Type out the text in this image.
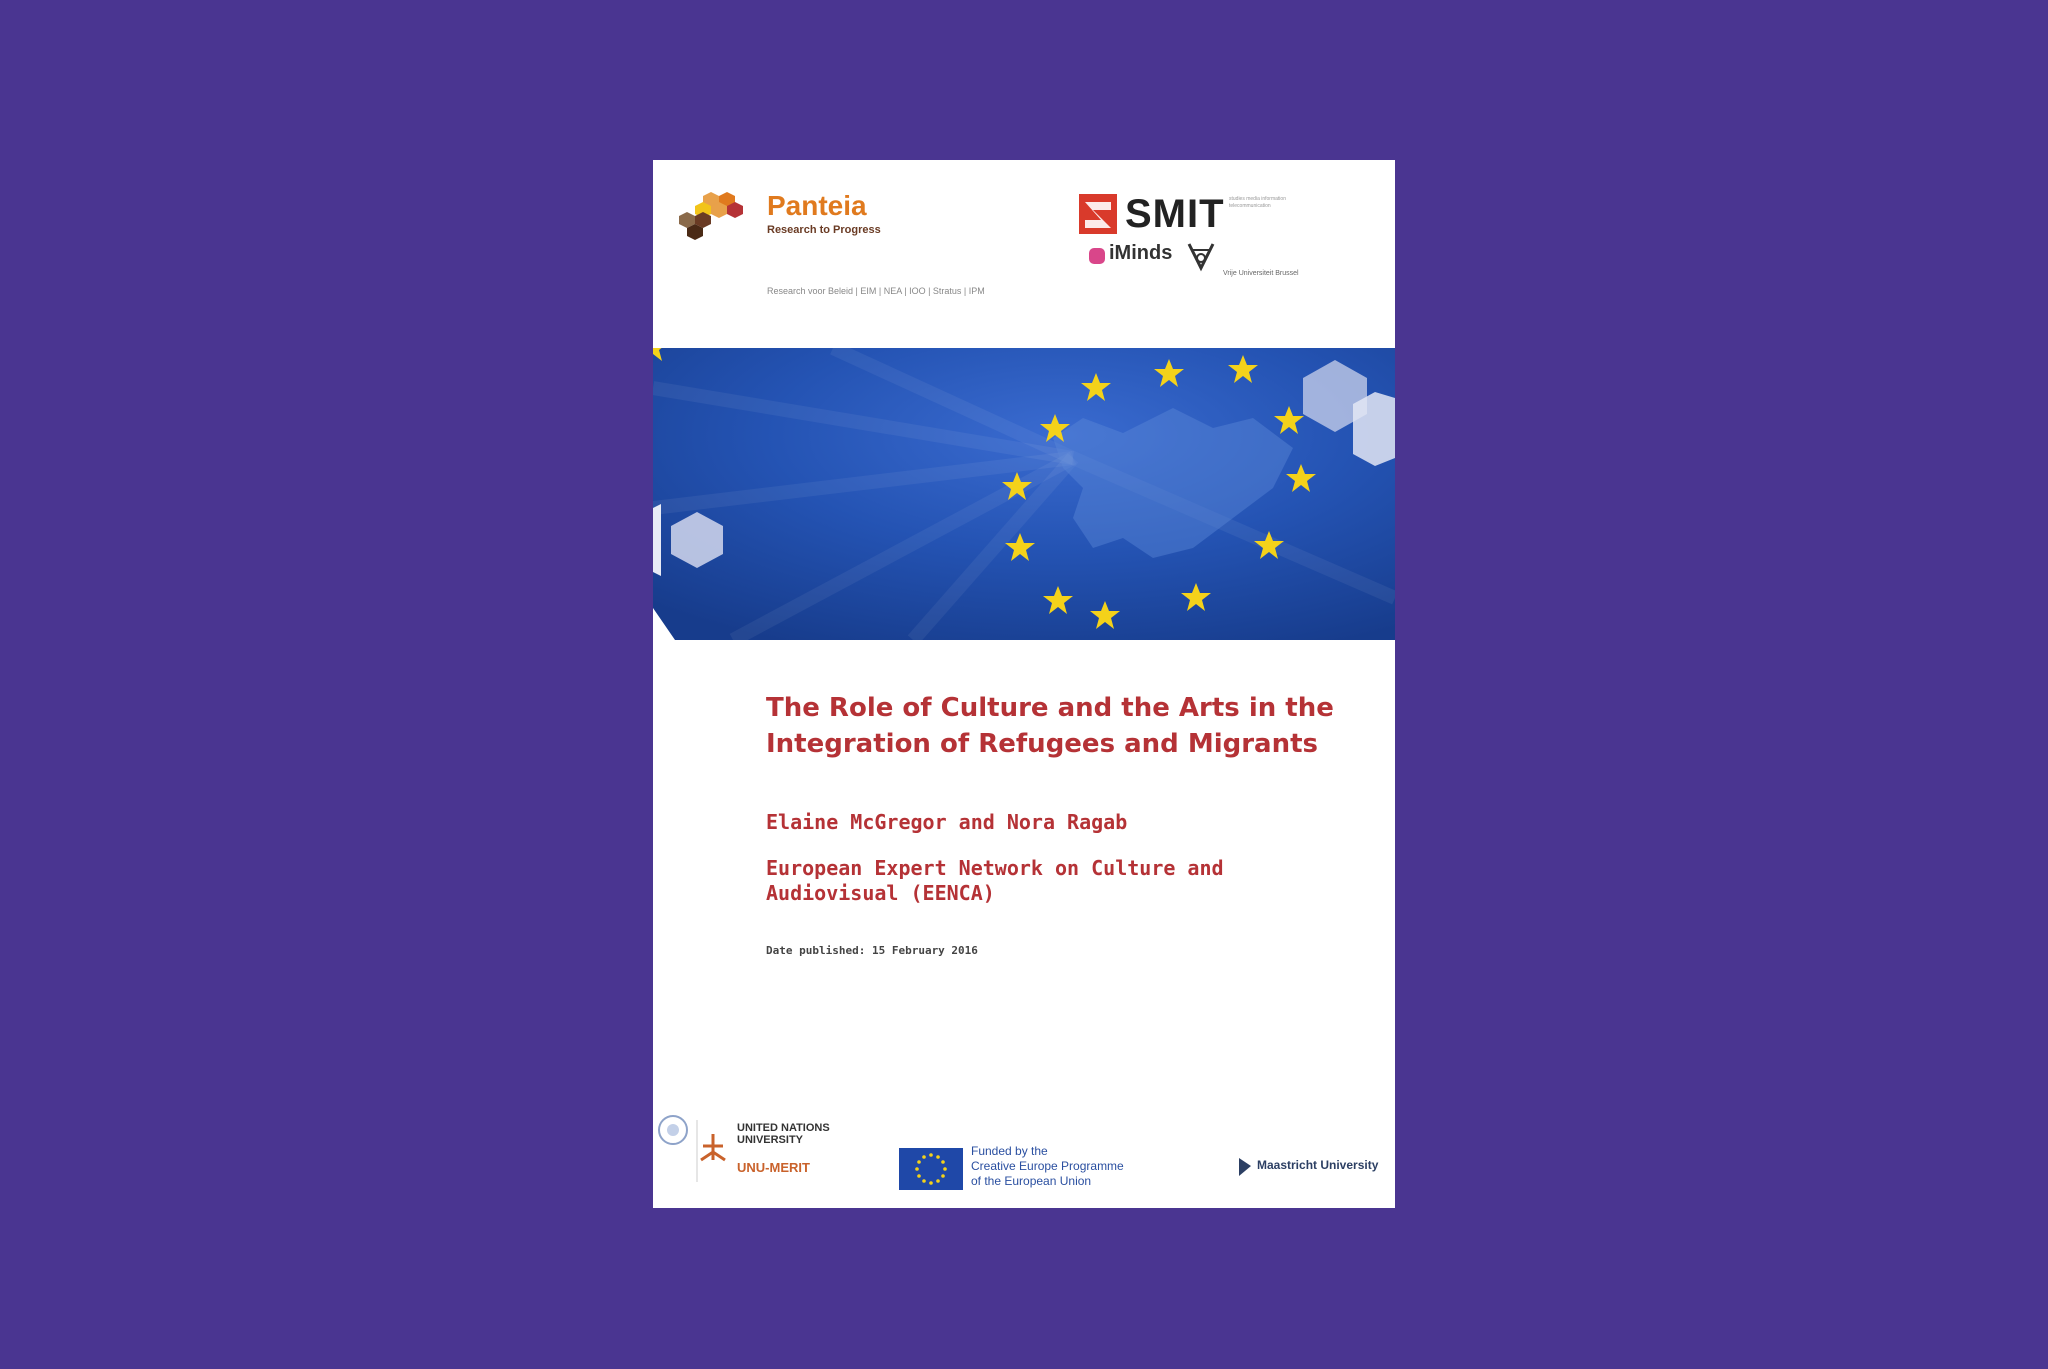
Panteia
Research to Progress
Research voor Beleid | EIM | NEA | IOO | Stratus | IPM
SMIT studies media information telecommunication
iMinds
Vrije Universiteit Brussel
The Role of Culture and the Arts in the Integration of Refugees and Migrants
Elaine McGregor and Nora Ragab
European Expert Network on Culture and Audiovisual (EENCA)
Date published: 15 February 2016
UNITED NATIONS
UNIVERSITY
UNU-MERIT
Funded by the
Creative Europe Programme
of the European Union
Maastricht University
